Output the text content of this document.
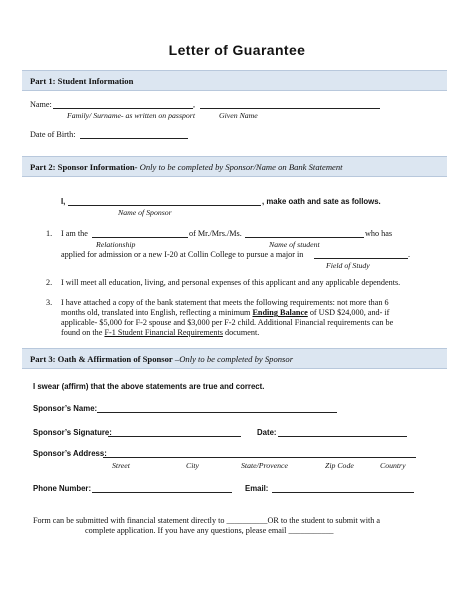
Letter of Guarantee
Part 1: Student Information
Name:	,
Family/ Surname- as written on passport	Given Name
Date of Birth:
Part 2: Sponsor Information- Only to be completed by Sponsor/Name on Bank Statement
I,	, make oath and sate as follows.
Name of Sponsor
1. I am the	of Mr./Mrs./Ms.	who has
Relationship	Name of student
applied for admission or a new I-20 at Collin College to pursue a major in	.
Field of Study
2. I will meet all education, living, and personal expenses of this applicant and any applicable dependents.
3. I have attached a copy of the bank statement that meets the following requirements: not more than 6
months old, translated into English, reflecting a minimum Ending Balance of USD $24,000, and- if
applicable- $5,000 for F-2 spouse and $3,000 per F-2 child. Additional Financial requirements can be
found on the F-1 Student Financial Requirements document.
Part 3: Oath & Affirmation of Sponsor –Only to be completed by Sponsor
I swear (affirm) that the above statements are true and correct.
Sponsor’s Name:
Sponsor’s Signature:	Date:
Sponsor’s Address:
Street	City	State/Provence	Zip Code	Country
Phone Number:	Email:
Form can be submitted with financial statement directly to __________OR to the student to submit with a
complete application. If you have any questions, please email ___________
